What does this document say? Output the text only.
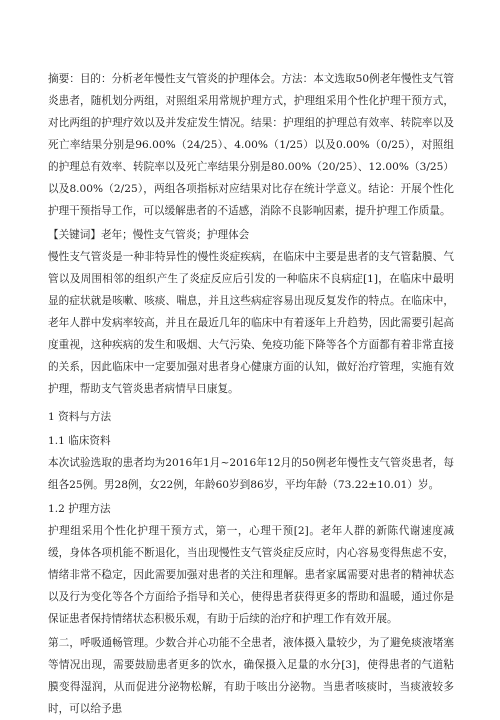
摘要：目的：分析老年慢性支气管炎的护理体会。方法：本文选取50例老年慢性支气管炎患者，随机划分两组，对照组采用常规护理方式，护理组采用个性化护理干预方式，对比两组的护理疗效以及并发症发生情况。结果：护理组的护理总有效率、转院率以及死亡率结果分别是96.00%（24/25）、4.00%（1/25）以及0.00%（0/25），对照组的护理总有效率、转院率以及死亡率结果分别是80.00%（20/25）、12.00%（3/25）以及8.00%（2/25），两组各项指标对应结果对比存在统计学意义。结论：开展个性化护理干预指导工作，可以缓解患者的不适感，消除不良影响因素，提升护理工作质量。

【关键词】老年；慢性支气管炎；护理体会

慢性支气管炎是一种非特异性的慢性炎症疾病，在临床中主要是患者的支气管黏膜、气管以及周围相邻的组织产生了炎症反应后引发的一种临床不良病症[1]，在临床中最明显的症状就是咳嗽、咳痰、喘息，并且这些病症容易出现反复发作的特点。在临床中，老年人群中发病率较高，并且在最近几年的临床中有着逐年上升趋势，因此需要引起高度重视，这种疾病的发生和吸烟、大气污染、免疫功能下降等各个方面都有着非常直接的关系，因此临床中一定要加强对患者身心健康方面的认知，做好治疗管理，实施有效护理，帮助支气管炎患者病情早日康复。

1 资料与方法

1.1 临床资料

本次试验选取的患者均为2016年1月~2016年12月的50例老年慢性支气管炎患者，每组各25例。男28例，女22例，年龄60岁到86岁，平均年龄（73.22±10.01）岁。

1.2 护理方法

护理组采用个性化护理干预方式，第一，心理干预[2]。老年人群的新陈代谢速度减缓，身体各项机能不断退化，当出现慢性支气管炎症反应时，内心容易变得焦虑不安，情绪非常不稳定，因此需要加强对患者的关注和理解。患者家属需要对患者的精神状态以及行为变化等各个方面给予指导和关心，使得患者获得更多的帮助和温暖，通过你是保证患者保持情绪状态积极乐观，有助于后续的治疗和护理工作有效开展。

第二，呼吸通畅管理。少数合并心功能不全患者，液体摄入量较少，为了避免痰液堵塞等情况出现，需要鼓励患者更多的饮水，确保摄入足量的水分[3]，使得患者的气道粘膜变得湿润，从而促进分泌物松解，有助于咳出分泌物。当患者咳痰时，当痰液较多时，可以给予患
